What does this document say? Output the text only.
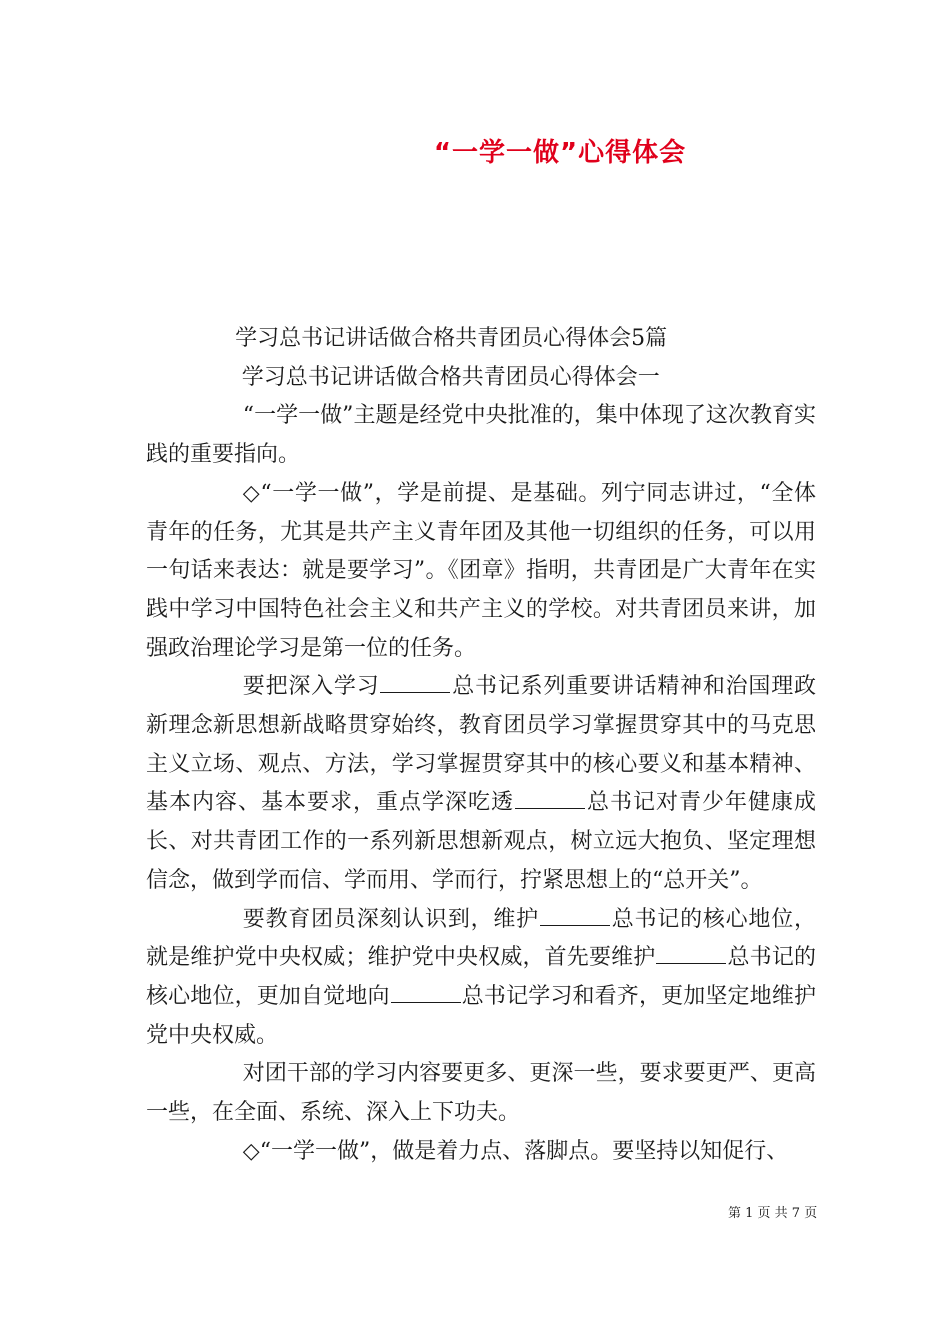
“一学一做”心得体会

学习总书记讲话做合格共青团员心得体会5篇

学习总书记讲话做合格共青团员心得体会一

“一学一做”主题是经党中央批准的，集中体现了这次教育实践的重要指向。

◇“一学一做”，学是前提、是基础。列宁同志讲过，“全体青年的任务，尤其是共产主义青年团及其他一切组织的任务，可以用一句话来表达：就是要学习”。《团章》指明，共青团是广大青年在实践中学习中国特色社会主义和共产主义的学校。对共青团员来讲，加强政治理论学习是第一位的任务。

要把深入学习	总书记系列重要讲话精神和治国理政新理念新思想新战略贯穿始终，教育团员学习掌握贯穿其中的马克思主义立场、观点、方法，学习掌握贯穿其中的核心要义和基本精神、基本内容、基本要求，重点学深吃透	总书记对青少年健康成长、对共青团工作的一系列新思想新观点，树立远大抱负、坚定理想信念，做到学而信、学而用、学而行，拧紧思想上的“总开关”。

要教育团员深刻认识到，维护	总书记的核心地位，就是维护党中央权威；维护党中央权威，首先要维护	总书记的核心地位，更加自觉地向	总书记学习和看齐，更加坚定地维护党中央权威。

对团干部的学习内容要更多、更深一些，要求要更严、更高一些，在全面、系统、深入上下功夫。

◇“一学一做”，做是着力点、落脚点。要坚持以知促行、

第 1 页 共 7 页
